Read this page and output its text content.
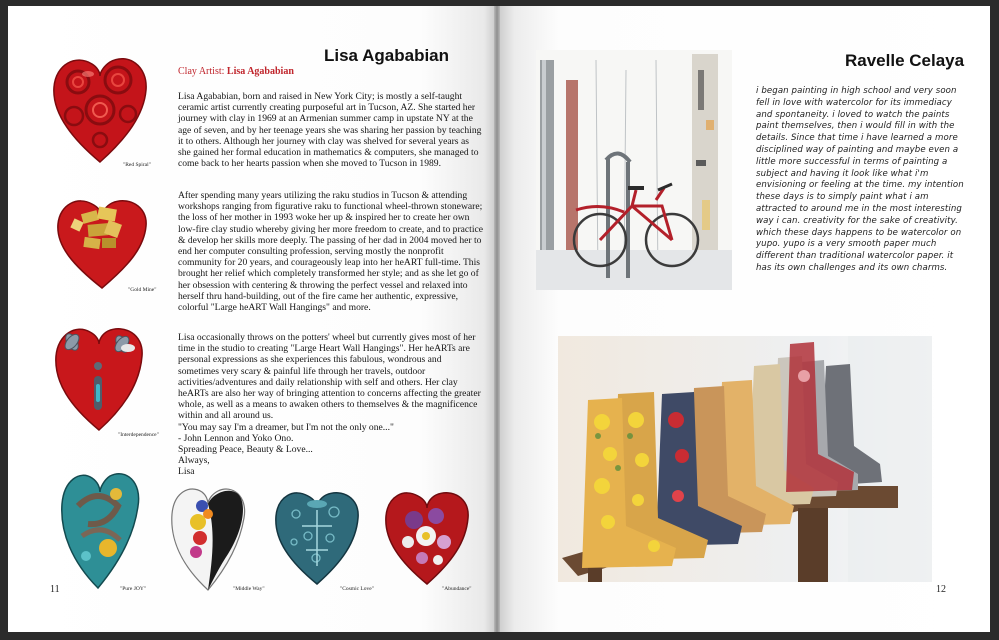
Lisa Agababian
Clay Artist: Lisa Agababian

Lisa Agababian, born and raised in New York City; is mostly a self-taught ceramic artist currently creating purposeful art in Tucson, AZ. She started her journey with clay in 1969 at an Armenian summer camp in upstate NY at the age of seven, and by her teenage years she was sharing her passion by teaching it to others. Although her journey with clay was shelved for several years as she gained her formal education in mathematics & computers, she managed to come back to her hearts passion when she moved to Tucson in 1989.

After spending many years utilizing the raku studios in Tucson & attending workshops ranging from figurative raku to functional wheel-thrown stoneware; the loss of her mother in 1993 woke her up & inspired her to create her own low-fire clay studio whereby giving her more freedom to create, and to practice & develop her skills more deeply. The passing of her dad in 2004 moved her to end her computer consulting profession, serving mostly the nonprofit community for 20 years, and courageously leap into her heART full-time. This brought her relief which completely transformed her style; and as she let go of her obsession with centering & throwing the perfect vessel and relaxed into herself thru hand-building, out of the fire came her authentic, expressive, colorful "Large heART Wall Hangings" and more.

Lisa occasionally throws on the potters' wheel but currently gives most of her time in the studio to creating "Large Heart Wall Hangings". Her heARTs are personal expressions as she experiences this fabulous, wondrous and sometimes very scary & painful life through her travels, outdoor activities/adventures and daily relationship with self and others. Her clay heARTs are also her way of bringing attention to concerns affecting the greater whole, as well as a means to awaken others to themselves & the magnificence within and all around us.
"You may say I'm a dreamer, but I'm not the only one..."
- John Lennon and Yoko Ono.
Spreading Peace, Beauty & Love...
Always,
Lisa

"Red Spiral"
"Gold Mine"
"Interdependence"
"Pure JOY"	"Middle Way"	"Cosmic Love"	"Abundance"
11
Ravelle Celaya
i began painting in high school and very soon fell in love with watercolor for its immediacy and spontaneity. i loved to watch the paints paint themselves, then i would fill in with the details. Since that time i have learned a more disciplined way of painting and maybe even a little more successful in terms of painting a subject and having it look like what i'm envisioning or feeling at the time. my intention these days is to simply paint what i am attracted to around me in the most interesting way i can. creativity for the sake of creativity. which these days happens to be watercolor on yupo. yupo is a very smooth paper much different than traditional watercolor paper. it has its own challenges and its own charms.
12
